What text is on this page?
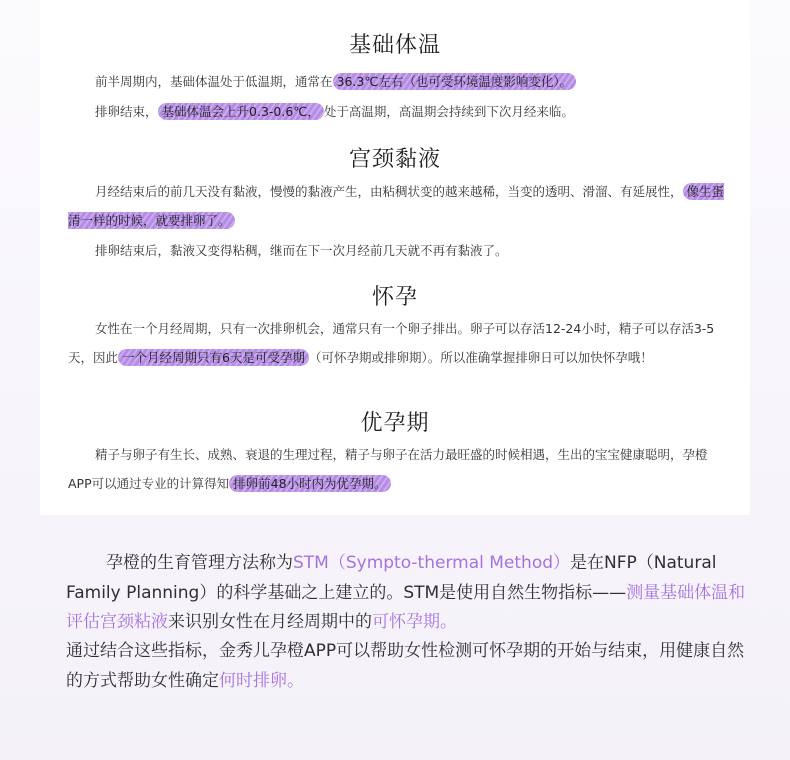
基础体温

前半周期内，基础体温处于低温期，通常在 36.3℃左右（也可受环境温度影响变化）。

排卵结束， 基础体温会上升0.3-0.6℃， 处于高温期，高温期会持续到下次月经来临。

宫颈黏液

月经结束后的前几天没有黏液，慢慢的黏液产生，由粘稠状变的越来越稀，当变的透明、滑溜、有延展性， 像生蛋清一样的时候，就要排卵了。

排卵结束后，黏液又变得粘稠，继而在下一次月经前几天就不再有黏液了。

怀孕

女性在一个月经周期，只有一次排卵机会，通常只有一个卵子排出。卵子可以存活12-24小时，精子可以存活3-5天，因此 一个月经周期只有6天是可受孕期 （可怀孕期或排卵期）。所以准确掌握排卵日可以加快怀孕哦！

优孕期

精子与卵子有生长、成熟、衰退的生理过程，精子与卵子在活力最旺盛的时候相遇，生出的宝宝健康聪明，孕橙APP可以通过专业的计算得知 排卵前48小时内为优孕期。

孕橙的生育管理方法称为STM（Sympto-thermal Method）是在NFP（Natural Family Planning）的科学基础之上建立的。STM是使用自然生物指标——测量基础体温和评估宫颈粘液来识别女性在月经周期中的可怀孕期。

通过结合这些指标，金秀儿孕橙APP可以帮助女性检测可怀孕期的开始与结束，用健康自然的方式帮助女性确定何时排卵。
